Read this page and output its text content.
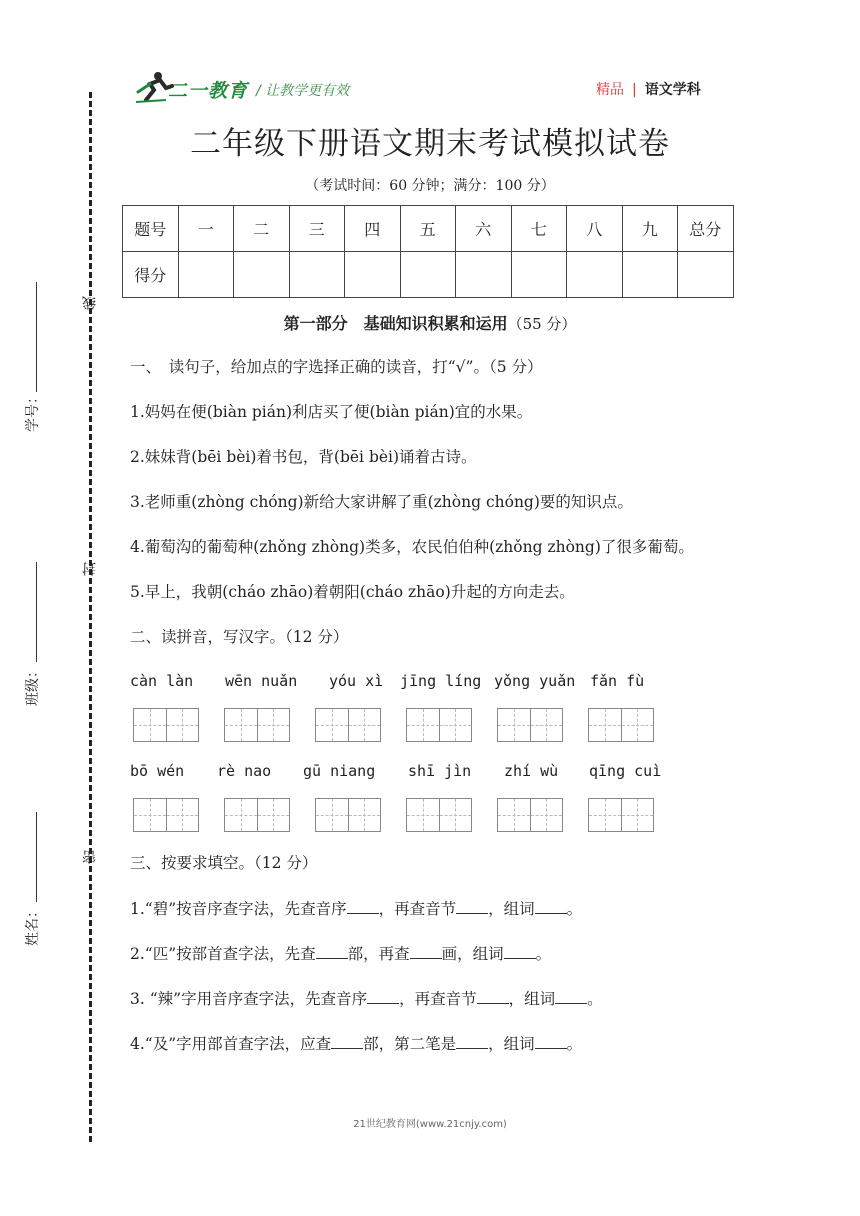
线
封
密
学号：
班级：
姓名：
二一教育 / 让教学更有效	精品 | 语文学科
二年级下册语文期末考试模拟试卷
（考试时间：60 分钟；满分：100 分）
题号	一	二	三	四	五	六	七	八	九	总分
得分										
第一部分　基础知识积累和运用（55 分）
一、　读句子，给加点的字选择正确的读音，打“√”。（5 分）
1.妈妈在便(biàn pián)利店买了便(biàn pián)宜的水果。
2.妹妹背(bēi bèi)着书包，背(bēi bèi)诵着古诗。
3.老师重(zhòng chóng)新给大家讲解了重(zhòng chóng)要的知识点。
4.葡萄沟的葡萄种(zhǒng zhòng)类多，农民伯伯种(zhǒng zhòng)了很多葡萄。
5.早上，我朝(cháo zhāo)着朝阳(cháo zhāo)升起的方向走去。
二、读拼音，写汉字。（12 分）
càn làn wēn nuǎn yóu xì jīng líng yǒng yuǎn fǎn fù
bō wén rè nao gū niang shī jìn zhí wù qīng cuì
三、按要求填空。（12 分）
1.“碧”按音序查字法，先查音序 ，再查音节 ，组词 。
2.“匹”按部首查字法，先查 部，再查 画，组词 。
3. “辣”字用音序查字法，先查音序 ，再查音节 ，组词 。
4.“及”字用部首查字法，应查 部，第二笔是 ，组词 。
21世纪教育网(www.21cnjy.com)
